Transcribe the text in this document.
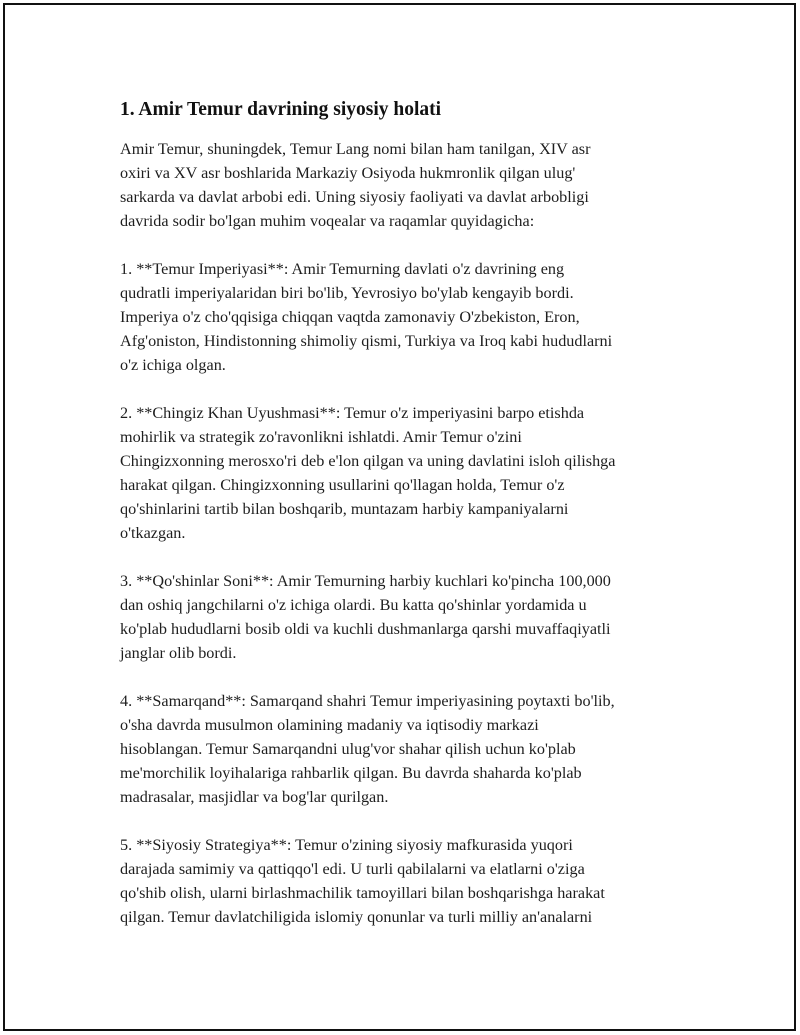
1. Amir Temur davrining siyosiy holati

Amir Temur, shuningdek, Temur Lang nomi bilan ham tanilgan, XIV asr
oxiri va XV asr boshlarida Markaziy Osiyoda hukmronlik qilgan ulug'
sarkarda va davlat arbobi edi. Uning siyosiy faoliyati va davlat arbobligi
davrida sodir bo'lgan muhim voqealar va raqamlar quyidagicha:

1. **Temur Imperiyasi**: Amir Temurning davlati o'z davrining eng
qudratli imperiyalaridan biri bo'lib, Yevrosiyo bo'ylab kengayib bordi.
Imperiya o'z cho'qqisiga chiqqan vaqtda zamonaviy O'zbekiston, Eron,
Afg'oniston, Hindistonning shimoliy qismi, Turkiya va Iroq kabi hududlarni
o'z ichiga olgan.

2. **Chingiz Khan Uyushmasi**: Temur o'z imperiyasini barpo etishda
mohirlik va strategik zo'ravonlikni ishlatdi. Amir Temur o'zini
Chingizxonning merosxo'ri deb e'lon qilgan va uning davlatini isloh qilishga
harakat qilgan. Chingizxonning usullarini qo'llagan holda, Temur o'z
qo'shinlarini tartib bilan boshqarib, muntazam harbiy kampaniyalarni
o'tkazgan.

3. **Qo'shinlar Soni**: Amir Temurning harbiy kuchlari ko'pincha 100,000
dan oshiq jangchilarni o'z ichiga olardi. Bu katta qo'shinlar yordamida u
ko'plab hududlarni bosib oldi va kuchli dushmanlarga qarshi muvaffaqiyatli
janglar olib bordi.

4. **Samarqand**: Samarqand shahri Temur imperiyasining poytaxti bo'lib,
o'sha davrda musulmon olamining madaniy va iqtisodiy markazi
hisoblangan. Temur Samarqandni ulug'vor shahar qilish uchun ko'plab
me'morchilik loyihalariga rahbarlik qilgan. Bu davrda shaharda ko'plab
madrasalar, masjidlar va bog'lar qurilgan.

5. **Siyosiy Strategiya**: Temur o'zining siyosiy mafkurasida yuqori
darajada samimiy va qattiqqo'l edi. U turli qabilalarni va elatlarni o'ziga
qo'shib olish, ularni birlashmachilik tamoyillari bilan boshqarishga harakat
qilgan. Temur davlatchiligida islomiy qonunlar va turli milliy an'analarni
